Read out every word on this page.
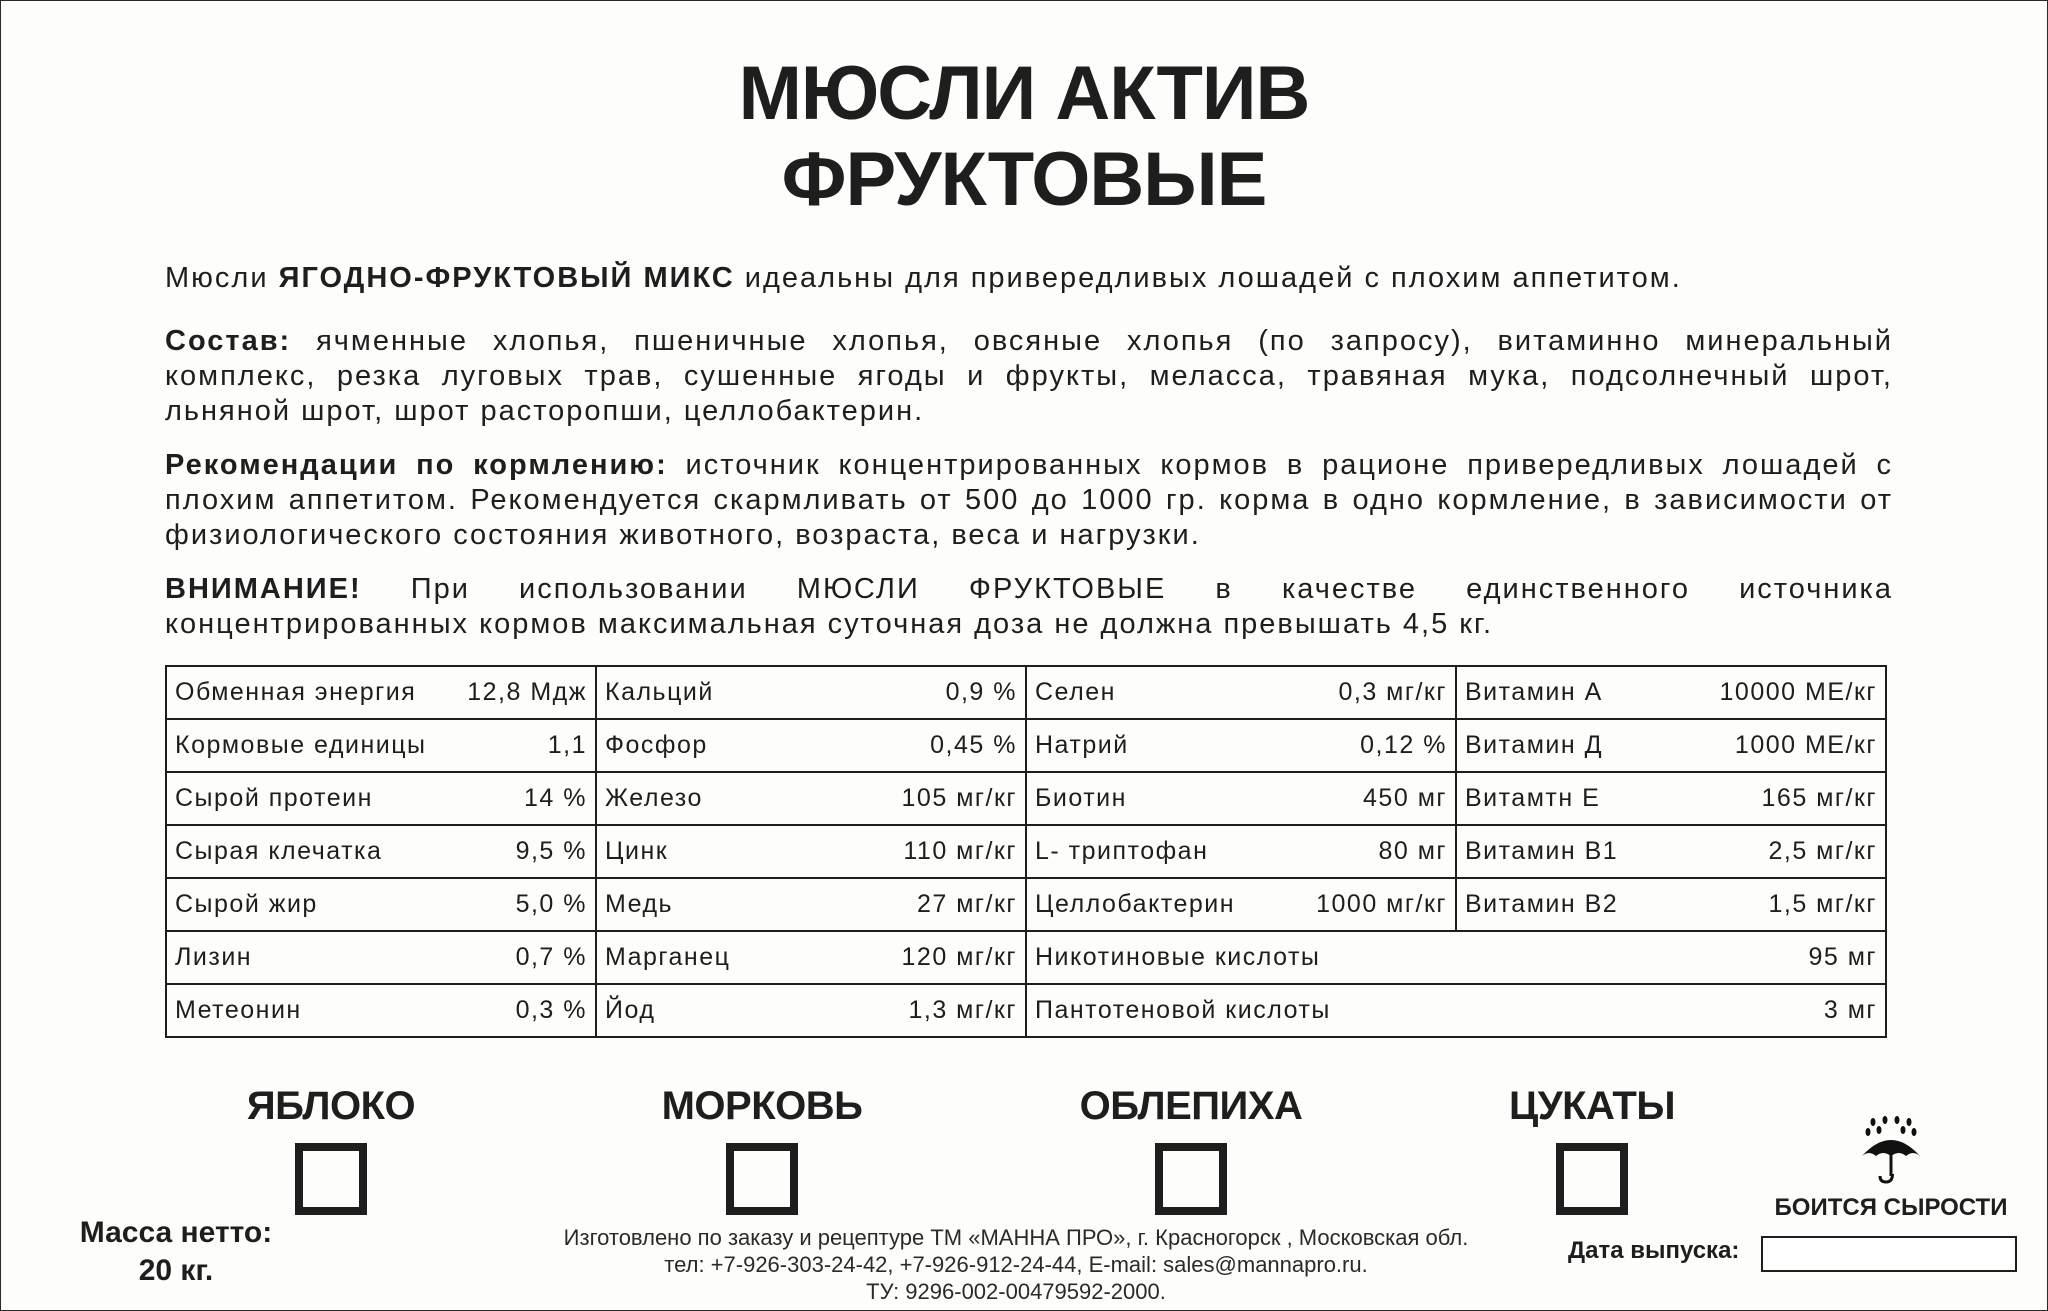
МЮСЛИ АКТИВ
ФРУКТОВЫЕ
Мюсли ЯГОДНО-ФРУКТОВЫЙ МИКС идеальны для привередливых лошадей с плохим аппетитом.
Состав: ячменные хлопья, пшеничные хлопья, овсяные хлопья (по запросу), витаминно минеральный комплекс, резка луговых трав, сушенные ягоды и фрукты, меласса, травяная мука, подсолнечный шрот, льняной шрот, шрот расторопши, целлобактерин.
Рекомендации по кормлению: источник концентрированных кормов в рационе привередливых лошадей с плохим аппетитом. Рекомендуется скармливать от 500 до 1000 гр. корма в одно кормление, в зависимости от физиологического состояния животного, возраста, веса и нагрузки.
ВНИМАНИЕ! При использовании МЮСЛИ ФРУКТОВЫЕ в качестве единственного источника концентрированных кормов максимальная суточная доза не должна превышать 4,5 кг.
Обменная энергия 12,8 Мдж	Кальций 0,9 %	Селен 0,3 мг/кг	Витамин А 10000 МЕ/кг

Кормовые единицы 1,1	Фосфор 0,45 %	Натрий 0,12 %	Витамин Д 1000 МЕ/кг

Сырой протеин 14 %	Железо 105 мг/кг	Биотин 450 мг	Витамтн Е 165 мг/кг

Сырая клечатка 9,5 %	Цинк 110 мг/кг	L- триптофан 80 мг	Витамин В1 2,5 мг/кг

Сырой жир 5,0 %	Медь 27 мг/кг	Целлобактерин 1000 мг/кг	Витамин В2 1,5 мг/кг

Лизин 0,7 %	Марганец 120 мг/кг	Никотиновые кислоты 95 мг	

Метеонин 0,3 %	Йод 1,3 мг/кг	Пантотеновой кислоты 3 мг	
ЯБЛОКО	МОРКОВЬ	ОБЛЕПИХА	ЦУКАТЫ
Масса нетто:
20 кг.
Изготовлено по заказу и рецептуре ТМ «МАННА ПРО», г. Красногорск , Московская обл.
тел: +7-926-303-24-42, +7-926-912-24-44, E-mail: sales@mannapro.ru.
ТУ: 9296-002-00479592-2000.
БОИТСЯ СЫРОСТИ
Дата выпуска:
